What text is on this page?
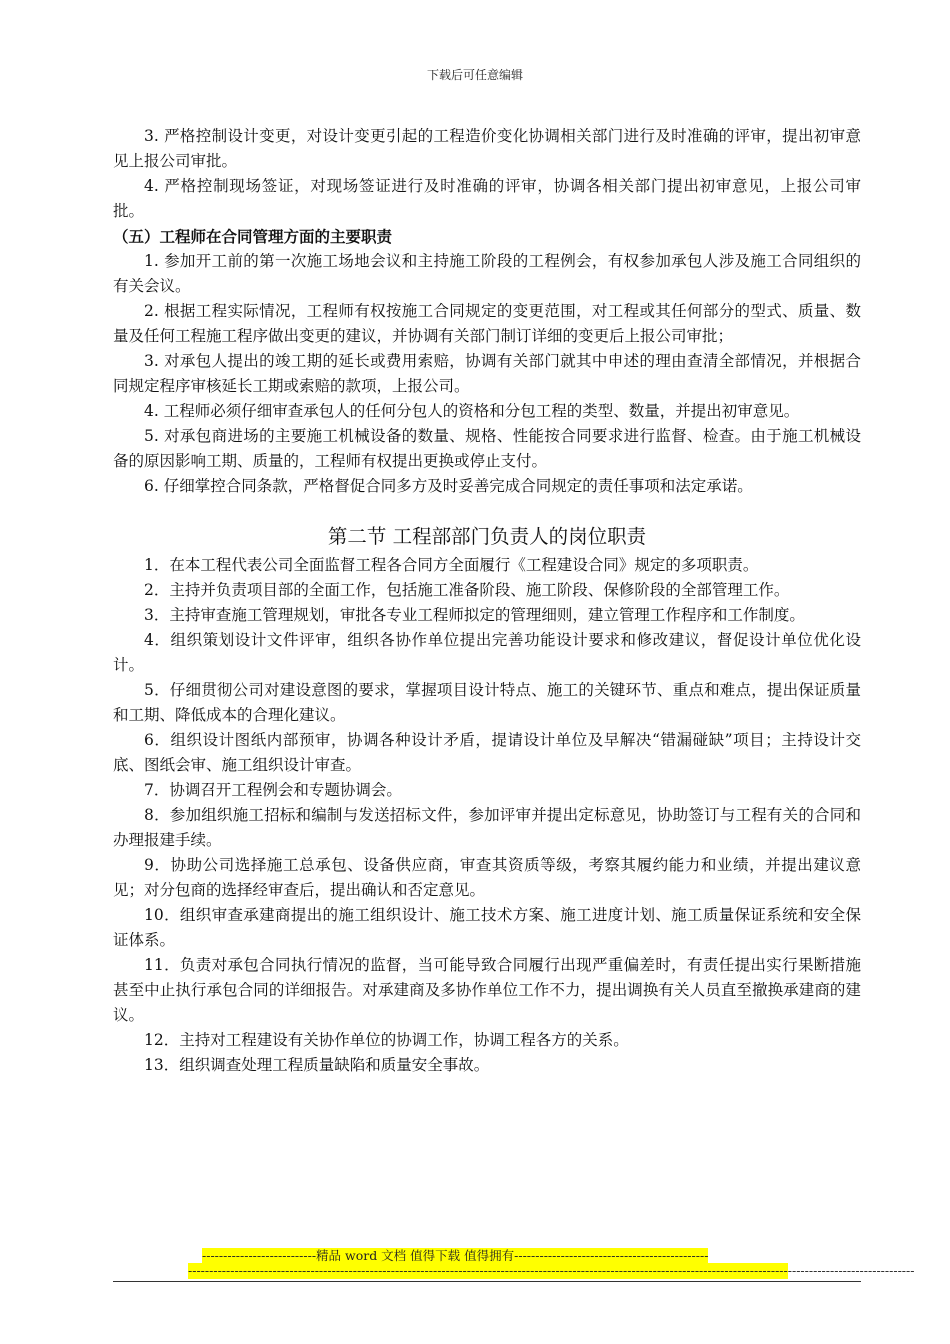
下载后可任意编辑

3. 严格控制设计变更，对设计变更引起的工程造价变化协调相关部门进行及时准确的评审，提出初审意见上报公司审批。

4. 严格控制现场签证，对现场签证进行及时准确的评审，协调各相关部门提出初审意见，上报公司审批。

（五）工程师在合同管理方面的主要职责

1. 参加开工前的第一次施工场地会议和主持施工阶段的工程例会，有权参加承包人涉及施工合同组织的有关会议。

2. 根据工程实际情况，工程师有权按施工合同规定的变更范围，对工程或其任何部分的型式、质量、数量及任何工程施工程序做出变更的建议，并协调有关部门制订详细的变更后上报公司审批；

3. 对承包人提出的竣工期的延长或费用索赔，协调有关部门就其中申述的理由查清全部情况，并根据合同规定程序审核延长工期或索赔的款项，上报公司。

4. 工程师必须仔细审查承包人的任何分包人的资格和分包工程的类型、数量，并提出初审意见。

5. 对承包商进场的主要施工机械设备的数量、规格、性能按合同要求进行监督、检查。由于施工机械设备的原因影响工期、质量的，工程师有权提出更换或停止支付。

6. 仔细掌控合同条款，严格督促合同多方及时妥善完成合同规定的责任事项和法定承诺。

第二节 工程部部门负责人的岗位职责

1．在本工程代表公司全面监督工程各合同方全面履行《工程建设合同》规定的多项职责。

2．主持并负责项目部的全面工作，包括施工准备阶段、施工阶段、保修阶段的全部管理工作。

3．主持审查施工管理规划，审批各专业工程师拟定的管理细则，建立管理工作程序和工作制度。

4．组织策划设计文件评审，组织各协作单位提出完善功能设计要求和修改建议，督促设计单位优化设计。

5．仔细贯彻公司对建设意图的要求，掌握项目设计特点、施工的关键环节、重点和难点，提出保证质量和工期、降低成本的合理化建议。

6．组织设计图纸内部预审，协调各种设计矛盾，提请设计单位及早解决“错漏碰缺”项目；主持设计交底、图纸会审、施工组织设计审查。

7．协调召开工程例会和专题协调会。

8．参加组织施工招标和编制与发送招标文件，参加评审并提出定标意见，协助签订与工程有关的合同和办理报建手续。

9．协助公司选择施工总承包、设备供应商，审查其资质等级，考察其履约能力和业绩，并提出建议意见；对分包商的选择经审查后，提出确认和否定意见。

10．组织审查承建商提出的施工组织设计、施工技术方案、施工进度计划、施工质量保证系统和安全保证体系。

11．负责对承包合同执行情况的监督，当可能导致合同履行出现严重偏差时，有责任提出实行果断措施甚至中止执行承包合同的详细报告。对承建商及多协作单位工作不力，提出调换有关人员直至撤换承建商的建议。

12．主持对工程建设有关协作单位的协调工作，协调工程各方的关系。

13．组织调查处理工程质量缺陷和质量安全事故。

---------------------------精品 word 文档 值得下载 值得拥有----------------------------------------------
----------------------------------------------------------------------------------------------------------------------------------------------------------------------------
